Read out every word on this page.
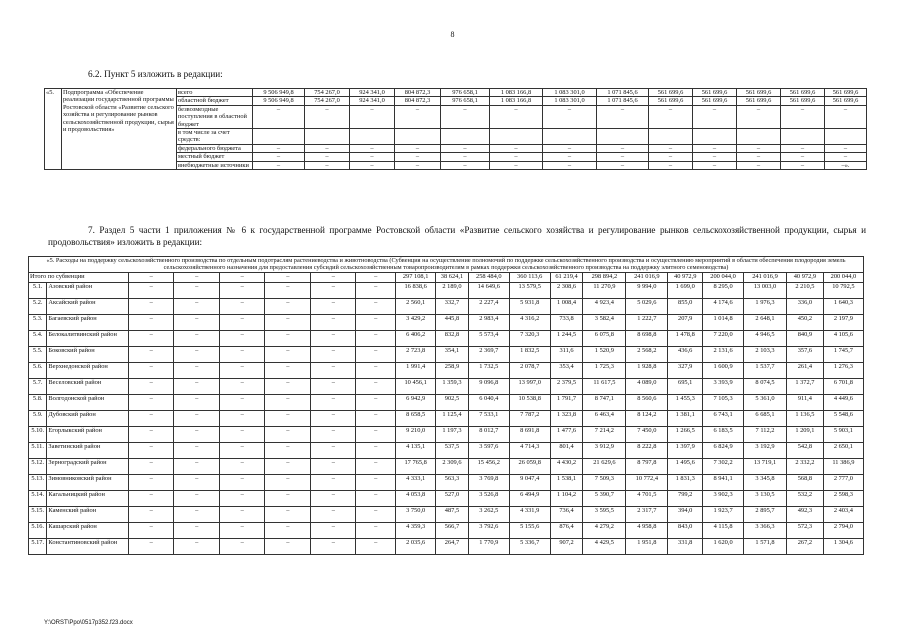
8
6.2. Пункт 5 изложить в редакции:
«5.	Подпрограмма «Обеспечение реализации государственной программы Ростовской области «Развитие сельского хозяйства и регулирование рынков сельскохозяйственной продукции, сырья и продовольствия»	всего	9 506 949,8	754 267,0	924 341,0	804 872,3	976 658,1	1 083 166,8	1 083 301,0	1 071 845,6	561 699,6	561 699,6	561 699,6	561 699,6	561 699,6
		областной бюджет	9 506 949,8	754 267,0	924 341,0	804 872,3	976 658,1	1 083 166,8	1 083 301,0	1 071 845,6	561 699,6	561 699,6	561 699,6	561 699,6	561 699,6
		безвозмездные поступления в областной бюджет	–	–	–	–	–	–	–	–	–	–	–	–	–
		в том числе за счет средств:													
		федерального бюджета	–	–	–	–	–	–	–	–	–	–	–	–	–
		местный бюджет	–	–	–	–	–	–	–	–	–	–	–	–	–
		внебюджетные источники	–	–	–	–	–	–	–	–	–	–	–	–	–».
7. Раздел 5 части 1 приложения № 6 к государственной программе Ростовской области «Развитие сельского хозяйства и регулирование рынков сельскохозяйственной продукции, сырья и продовольствия» изложить в редакции:
«5. Расходы на поддержку сельскохозяйственного производства по отдельным подотраслям растениеводства и животноводства (Субвенция на осуществление полномочий по поддержке сельскохозяйственного производства и осуществлению мероприятий в области обеспечения плодородия земель сельскохозяйственного назначения для предоставления субсидий сельскохозяйственным товаропроизводителям в рамках поддержки сельскохозяйственного производства на поддержку элитного семеноводства)																			
Итого по субвенции		–	–	–	–	–	–	297 108,1	38 624,1	258 484,0	360 113,6	61 219,4	298 894,2	241 016,9	40 972,9	200 044,0	241 016,9	40 972,9	200 044,0
5.1.	Азовский район	–	–	–	–	–	–	16 838,6	2 189,0	14 649,6	13 579,5	2 308,6	11 270,9	9 994,0	1 699,0	8 295,0	13 003,0	2 210,5	10 792,5
5.2.	Аксайский район	–	–	–	–	–	–	2 560,1	332,7	2 227,4	5 931,8	1 008,4	4 923,4	5 029,6	855,0	4 174,6	1 976,3	336,0	1 640,3
5.3.	Багаевский район	–	–	–	–	–	–	3 429,2	445,8	2 983,4	4 316,2	733,8	3 582,4	1 222,7	207,9	1 014,8	2 648,1	450,2	2 197,9
5.4.	Белокалитвинский район	–	–	–	–	–	–	6 406,2	832,8	5 573,4	7 320,3	1 244,5	6 075,8	8 698,8	1 478,8	7 220,0	4 946,5	840,9	4 105,6
5.5.	Боковский район	–	–	–	–	–	–	2 723,8	354,1	2 369,7	1 832,5	311,6	1 520,9	2 568,2	436,6	2 131,6	2 103,3	357,6	1 745,7
5.6.	Верхнедонской район	–	–	–	–	–	–	1 991,4	258,9	1 732,5	2 078,7	353,4	1 725,3	1 928,8	327,9	1 600,9	1 537,7	261,4	1 276,3
5.7.	Веселовский район	–	–	–	–	–	–	10 456,1	1 359,3	9 096,8	13 997,0	2 379,5	11 617,5	4 089,0	695,1	3 393,9	8 074,5	1 372,7	6 701,8
5.8.	Волгодонской район	–	–	–	–	–	–	6 942,9	902,5	6 040,4	10 538,8	1 791,7	8 747,1	8 560,6	1 455,3	7 105,3	5 361,0	911,4	4 449,6
5.9.	Дубовский район	–	–	–	–	–	–	8 658,5	1 125,4	7 533,1	7 787,2	1 323,8	6 463,4	8 124,2	1 381,1	6 743,1	6 685,1	1 136,5	5 548,6
5.10.	Егорлыкский район	–	–	–	–	–	–	9 210,0	1 197,3	8 012,7	8 691,8	1 477,6	7 214,2	7 450,0	1 266,5	6 183,5	7 112,2	1 209,1	5 903,1
5.11.	Заветинский район	–	–	–	–	–	–	4 135,1	537,5	3 597,6	4 714,3	801,4	3 912,9	8 222,8	1 397,9	6 824,9	3 192,9	542,8	2 650,1
5.12.	Зерноградский район	–	–	–	–	–	–	17 765,8	2 309,6	15 456,2	26 059,8	4 430,2	21 629,6	8 797,8	1 495,6	7 302,2	13 719,1	2 332,2	11 386,9
5.13.	Зимовниковский район	–	–	–	–	–	–	4 333,1	563,3	3 769,8	9 047,4	1 538,1	7 509,3	10 772,4	1 831,3	8 941,1	3 345,8	568,8	2 777,0
5.14.	Кагальницкий район	–	–	–	–	–	–	4 053,8	527,0	3 526,8	6 494,9	1 104,2	5 390,7	4 701,5	799,2	3 902,3	3 130,5	532,2	2 598,3
5.15.	Каменский район	–	–	–	–	–	–	3 750,0	487,5	3 262,5	4 331,9	736,4	3 595,5	2 317,7	394,0	1 923,7	2 895,7	492,3	2 403,4
5.16.	Кашарский район	–	–	–	–	–	–	4 359,3	566,7	3 792,6	5 155,6	876,4	4 279,2	4 958,8	843,0	4 115,8	3 366,3	572,3	2 794,0
5.17.	Константиновский район	–	–	–	–	–	–	2 035,6	264,7	1 770,9	5 336,7	907,2	4 429,5	1 951,8	331,8	1 620,0	1 571,8	267,2	1 304,6
Y:\ORST\Ppo\0517p352.f23.docx
